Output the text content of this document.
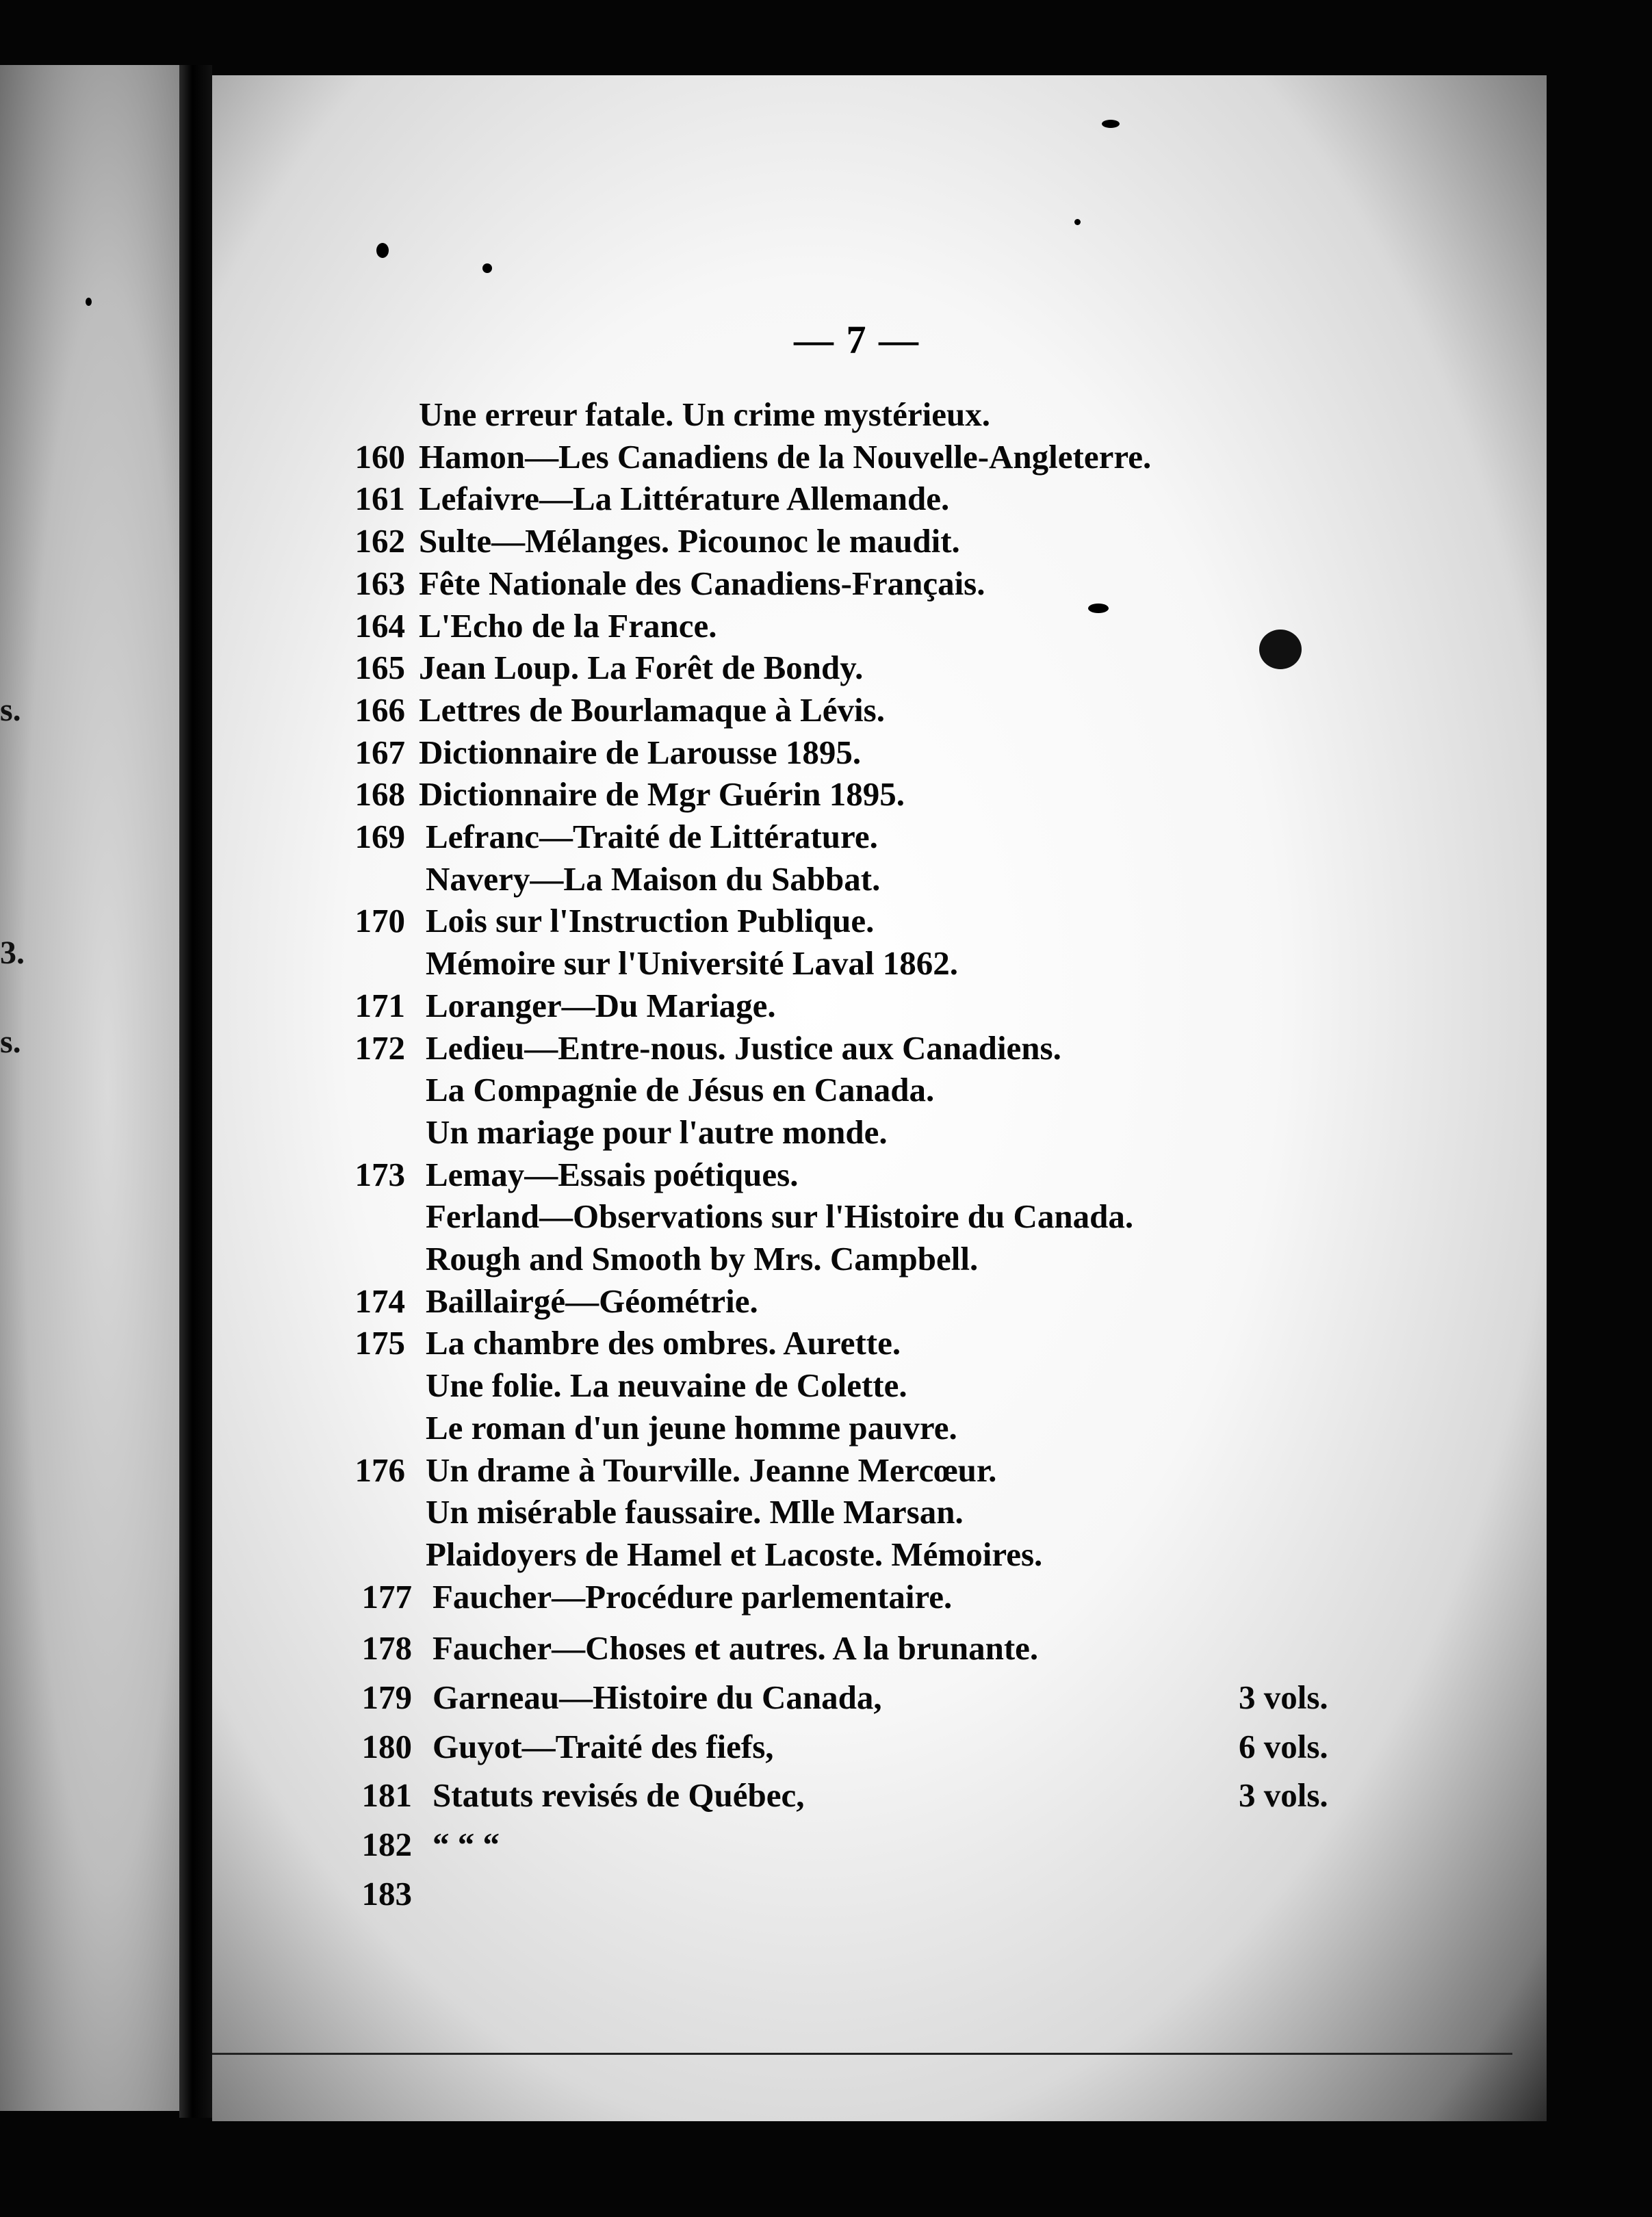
s.
3.
s.
— 7 —
Une erreur fatale. Un crime mystérieux.
160 Hamon—Les Canadiens de la Nouvelle-Angleterre.
161 Lefaivre—La Littérature Allemande.
162 Sulte—Mélanges. Picounoc le maudit.
163 Fête Nationale des Canadiens-Français.
164 L'Echo de la France.
165 Jean Loup. La Forêt de Bondy.
166 Lettres de Bourlamaque à Lévis.
167 Dictionnaire de Larousse 1895.
168 Dictionnaire de Mgr Guérin 1895.
169 Lefranc—Traité de Littérature.
Navery—La Maison du Sabbat.
170 Lois sur l'Instruction Publique.
Mémoire sur l'Université Laval 1862.
171 Loranger—Du Mariage.
172 Ledieu—Entre-nous. Justice aux Canadiens.
La Compagnie de Jésus en Canada.
Un mariage pour l'autre monde.
173 Lemay—Essais poétiques.
Ferland—Observations sur l'Histoire du Canada.
Rough and Smooth by Mrs. Campbell.
174 Baillairgé—Géométrie.
175 La chambre des ombres. Aurette.
Une folie. La neuvaine de Colette.
Le roman d'un jeune homme pauvre.
176 Un drame à Tourville. Jeanne Mercœur.
Un misérable faussaire. Mlle Marsan.
Plaidoyers de Hamel et Lacoste. Mémoires.
177 Faucher—Procédure parlementaire.
178 Faucher—Choses et autres. A la brunante.
179 Garneau—Histoire du Canada,	3 vols.
180 Guyot—Traité des fiefs,	6 vols.
181 Statuts revisés de Québec,	3 vols.
182 “ “ “
183
